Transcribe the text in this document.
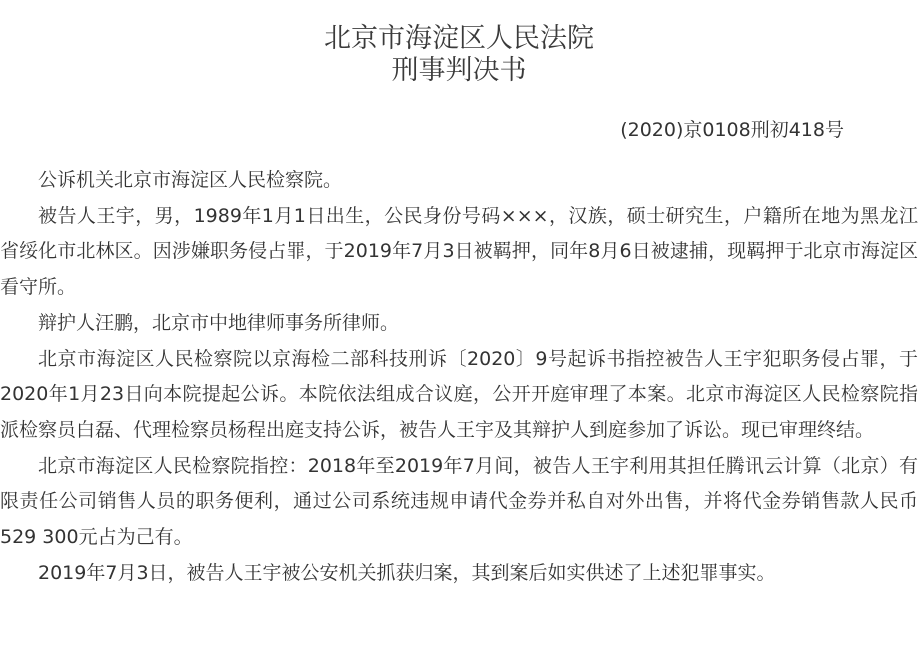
北京市海淀区人民法院
刑事判决书
(2020)京0108刑初418号

公诉机关北京市海淀区人民检察院。

被告人王宇，男，1989年1月1日出生，公民身份号码×××，汉族，硕士研究生，户籍所在地为黑龙江省绥化市北林区。因涉嫌职务侵占罪，于2019年7月3日被羁押，同年8月6日被逮捕，现羁押于北京市海淀区看守所。

辩护人汪鹏，北京市中地律师事务所律师。

北京市海淀区人民检察院以京海检二部科技刑诉〔2020〕9号起诉书指控被告人王宇犯职务侵占罪，于2020年1月23日向本院提起公诉。本院依法组成合议庭，公开开庭审理了本案。北京市海淀区人民检察院指派检察员白磊、代理检察员杨程出庭支持公诉，被告人王宇及其辩护人到庭参加了诉讼。现已审理终结。

北京市海淀区人民检察院指控：2018年至2019年7月间，被告人王宇利用其担任腾讯云计算（北京）有限责任公司销售人员的职务便利，通过公司系统违规申请代金券并私自对外出售，并将代金券销售款人民币529 300元占为己有。

2019年7月3日，被告人王宇被公安机关抓获归案，其到案后如实供述了上述犯罪事实。
